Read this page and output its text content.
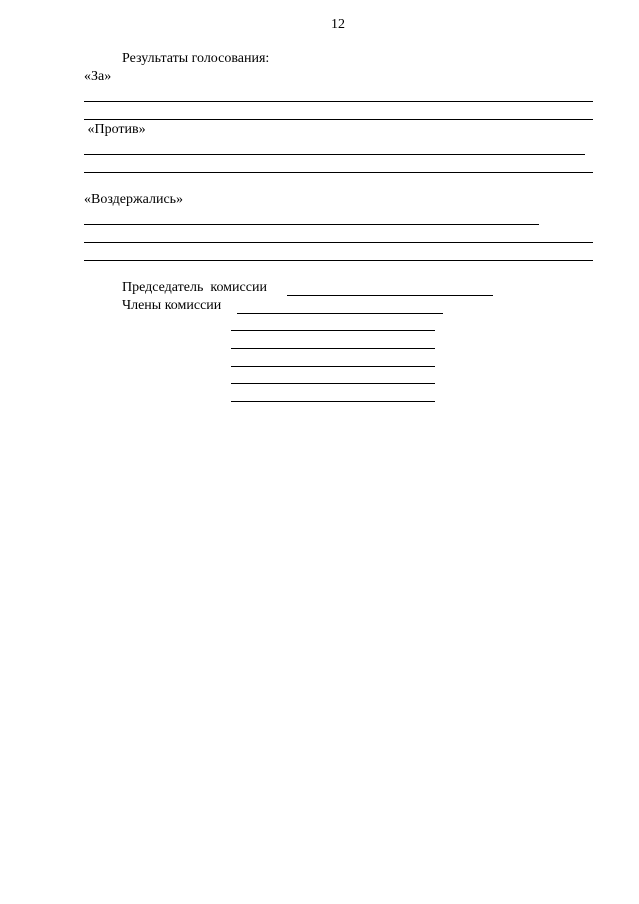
12
Результаты голосования:
«За»
«Против»
«Воздержались»
Председатель  комиссии
Члены комиссии
